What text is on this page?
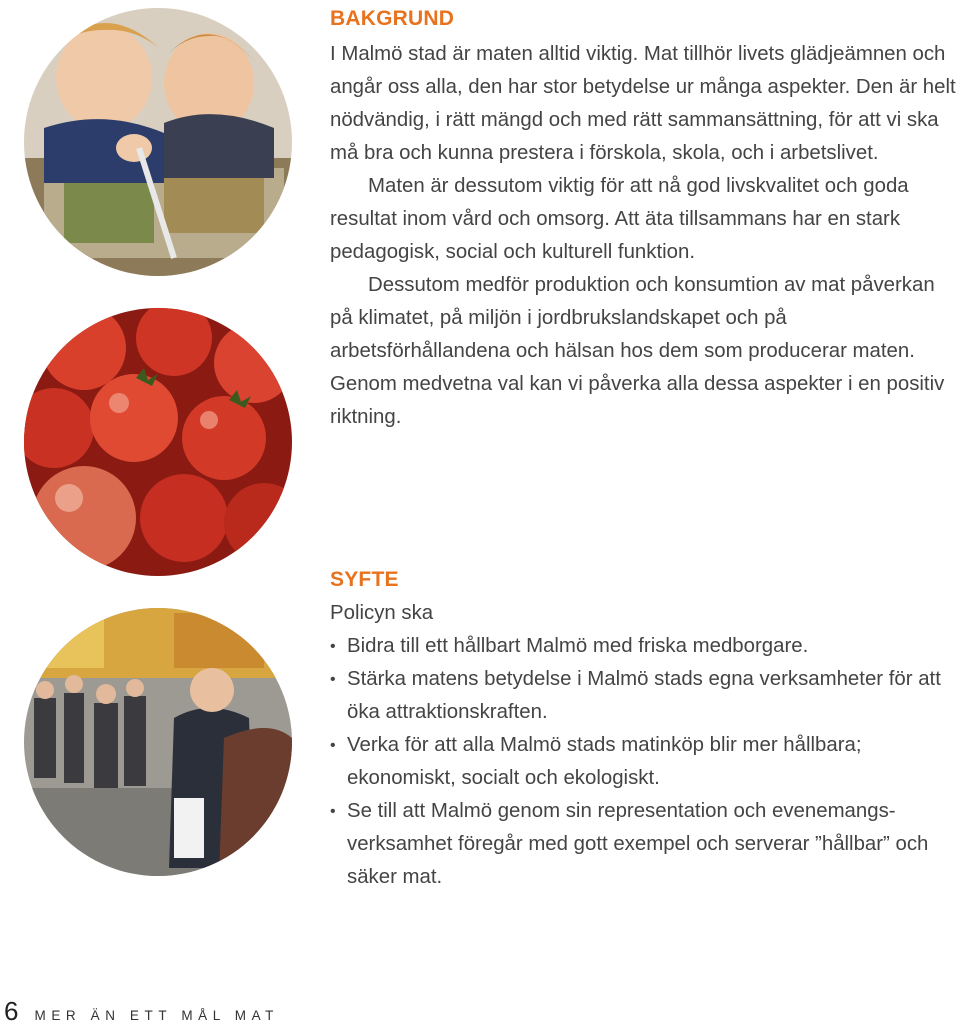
BAKGRUND

I Malmö stad är maten alltid viktig. Mat tillhör livets glädjeämnen och angår oss alla, den har stor betydelse ur många aspekter. Den är helt nödvändig, i rätt mängd och med rätt sammansättning, för att vi ska må bra och kunna prestera i förskola, skola, och i arbetslivet.

Maten är dessutom viktig för att nå god livskvalitet och goda resultat inom vård och omsorg. Att äta tillsammans har en stark pedagogisk, social och kulturell funktion.

Dessutom medför produktion och konsumtion av mat påverkan på klimatet, på miljön i jordbrukslandskapet och på arbetsförhållandena och hälsan hos dem som producerar maten. Genom medvetna val kan vi påverka alla dessa aspekter i en positiv riktning.

SYFTE

Policyn ska

• Bidra till ett hållbart Malmö med friska medborgare.
• Stärka matens betydelse i Malmö stads egna verksamheter för att öka attraktionskraften.
• Verka för att alla Malmö stads matinköp blir mer hållbara; ekonomiskt, socialt och ekologiskt.
• Se till att Malmö genom sin representation och evenemangsverksamhet föregår med gott exempel och serverar ”hållbar” och säker mat.
6 MER ÄN ETT MÅL MAT
